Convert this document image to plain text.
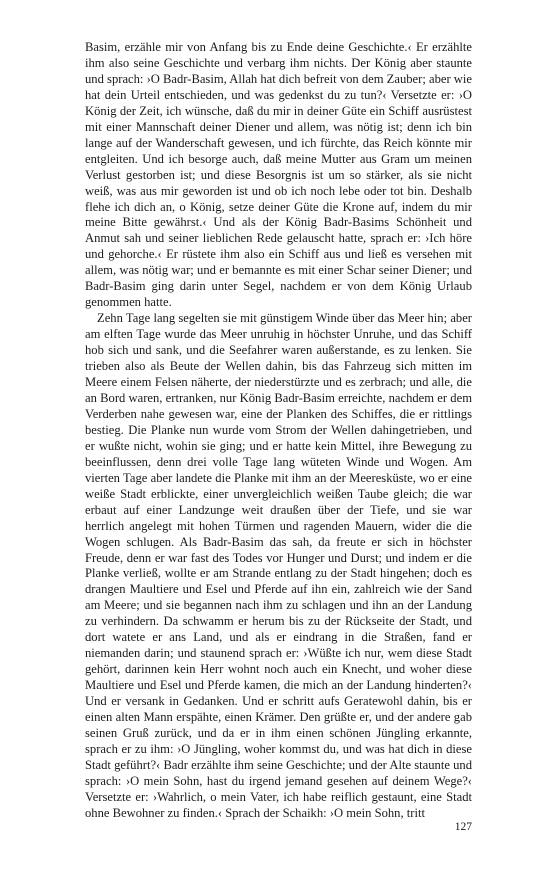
Basim, erzähle mir von Anfang bis zu Ende deine Geschichte.‹ Er erzählte ihm also seine Geschichte und verbarg ihm nichts. Der König aber staunte und sprach: ›O Badr-Basim, Allah hat dich befreit von dem Zauber; aber wie hat dein Urteil entschieden, und was gedenkst du zu tun?‹ Versetzte er: ›O König der Zeit, ich wünsche, daß du mir in deiner Güte ein Schiff ausrüstest mit einer Mannschaft deiner Diener und allem, was nötig ist; denn ich bin lange auf der Wanderschaft gewesen, und ich fürchte, das Reich könnte mir entgleiten. Und ich besorge auch, daß meine Mutter aus Gram um meinen Verlust gestorben ist; und diese Besorgnis ist um so stärker, als sie nicht weiß, was aus mir geworden ist und ob ich noch lebe oder tot bin. Deshalb flehe ich dich an, o König, setze deiner Güte die Krone auf, indem du mir meine Bitte gewährst.‹ Und als der König Badr-Basims Schönheit und Anmut sah und seiner lieblichen Rede gelauscht hatte, sprach er: ›Ich höre und gehorche.‹ Er rüstete ihm also ein Schiff aus und ließ es versehen mit allem, was nötig war; und er bemannte es mit einer Schar seiner Diener; und Badr-Basim ging darin unter Segel, nachdem er von dem König Urlaub genommen hatte.

Zehn Tage lang segelten sie mit günstigem Winde über das Meer hin; aber am elften Tage wurde das Meer unruhig in höchster Unruhe, und das Schiff hob sich und sank, und die Seefahrer waren außerstande, es zu lenken. Sie trieben also als Beute der Wellen dahin, bis das Fahrzeug sich mitten im Meere einem Felsen näherte, der niederstürzte und es zerbrach; und alle, die an Bord waren, ertranken, nur König Badr-Basim erreichte, nachdem er dem Verderben nahe gewesen war, eine der Planken des Schiffes, die er rittlings bestieg. Die Planke nun wurde vom Strom der Wellen dahingetrieben, und er wußte nicht, wohin sie ging; und er hatte kein Mittel, ihre Bewegung zu beeinflussen, denn drei volle Tage lang wüteten Winde und Wogen. Am vierten Tage aber landete die Planke mit ihm an der Meeresküste, wo er eine weiße Stadt erblickte, einer unvergleichlich weißen Taube gleich; die war erbaut auf einer Landzunge weit draußen über der Tiefe, und sie war herrlich angelegt mit hohen Türmen und ragenden Mauern, wider die die Wogen schlugen. Als Badr-Basim das sah, da freute er sich in höchster Freude, denn er war fast des Todes vor Hunger und Durst; und indem er die Planke verließ, wollte er am Strande entlang zu der Stadt hingehen; doch es drangen Maultiere und Esel und Pferde auf ihn ein, zahlreich wie der Sand am Meere; und sie begannen nach ihm zu schlagen und ihn an der Landung zu verhindern. Da schwamm er herum bis zu der Rückseite der Stadt, und dort watete er ans Land, und als er eindrang in die Straßen, fand er niemanden darin; und staunend sprach er: ›Wüßte ich nur, wem diese Stadt gehört, darinnen kein Herr wohnt noch auch ein Knecht, und woher diese Maultiere und Esel und Pferde kamen, die mich an der Landung hinderten?‹ Und er versank in Gedanken. Und er schritt aufs Geratewohl dahin, bis er einen alten Mann erspähte, einen Krämer. Den grüßte er, und der andere gab seinen Gruß zurück, und da er in ihm einen schönen Jüngling erkannte, sprach er zu ihm: ›O Jüngling, woher kommst du, und was hat dich in diese Stadt geführt?‹ Badr erzählte ihm seine Geschichte; und der Alte staunte und sprach: ›O mein Sohn, hast du irgend jemand gesehen auf deinem Wege?‹ Versetzte er: ›Wahrlich, o mein Vater, ich habe reiflich gestaunt, eine Stadt ohne Bewohner zu finden.‹ Sprach der Schaikh: ›O mein Sohn, tritt

127
